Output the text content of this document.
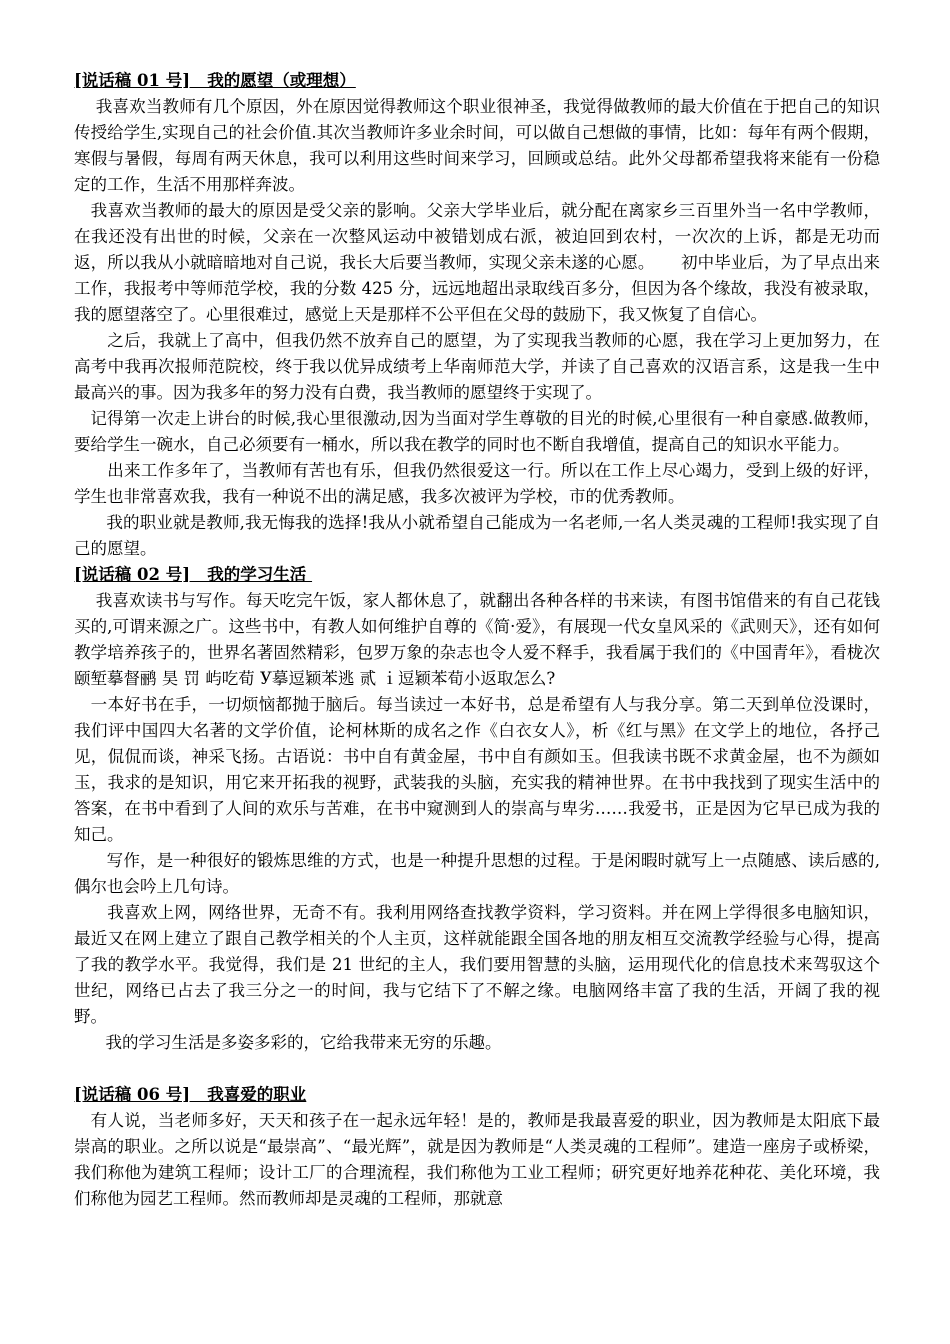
[说话稿 01 号]   我的愿望（或理想）

我喜欢当教师有几个原因，外在原因觉得教师这个职业很神圣，我觉得做教师的最大价值在于把自己的知识传授给学生,实现自己的社会价值.其次当教师许多业余时间，可以做自己想做的事情，比如：每年有两个假期，寒假与暑假，每周有两天休息，我可以利用这些时间来学习，回顾或总结。此外父母都希望我将来能有一份稳定的工作，生活不用那样奔波。

我喜欢当教师的最大的原因是受父亲的影响。父亲大学毕业后，就分配在离家乡三百里外当一名中学教师，在我还没有出世的时候，父亲在一次整风运动中被错划成右派，被迫回到农村，一次次的上诉，都是无功而返，所以我从小就暗暗地对自己说，我长大后要当教师，实现父亲未遂的心愿。     初中毕业后，为了早点出来工作，我报考中等师范学校，我的分数 425 分，远远地超出录取线百多分，但因为各个缘故，我没有被录取，我的愿望落空了。心里很难过，感觉上天是那样不公平但在父母的鼓励下，我又恢复了自信心。

之后，我就上了高中，但我仍然不放弃自己的愿望，为了实现我当教师的心愿，我在学习上更加努力，在高考中我再次报师范院校，终于我以优异成绩考上华南师范大学，并读了自己喜欢的汉语言系，这是我一生中最高兴的事。因为我多年的努力没有白费，我当教师的愿望终于实现了。

记得第一次走上讲台的时候,我心里很激动,因为当面对学生尊敬的目光的时候,心里很有一种自豪感.做教师，要给学生一碗水，自己必须要有一桶水，所以我在教学的同时也不断自我增值，提高自己的知识水平能力。

出来工作多年了，当教师有苦也有乐，但我仍然很爱这一行。所以在工作上尽心竭力，受到上级的好评，学生也非常喜欢我，我有一种说不出的满足感，我多次被评为学校，市的优秀教师。

我的职业就是教师,我无悔我的选择!我从小就希望自己能成为一名老师,一名人类灵魂的工程师!我实现了自己的愿望。

[说话稿 02 号]   我的学习生活

我喜欢读书与写作。每天吃完午饭，家人都休息了，就翻出各种各样的书来读，有图书馆借来的有自己花钱买的,可谓来源之广。这些书中，有教人如何维护自尊的《简·爱》，有展现一代女皇风采的《武则天》，还有如何教学培养孩子的，世界名著固然精彩，包罗万象的杂志也令人爱不释手，我看属于我们的《中国青年》，看栊次颐堑摹督鹂 昊 罚 屿吃荀 У摹逗颖苯逃 贰 ｉ逗颖苯荀小返取怎么?

一本好书在手，一切烦恼都抛于脑后。每当读过一本好书，总是希望有人与我分享。第二天到单位没课时，我们评中国四大名著的文学价值，论柯林斯的成名之作《白衣女人》，析《红与黑》在文学上的地位，各抒己见，侃侃而谈，神采飞扬。古语说：书中自有黄金屋，书中自有颜如玉。但我读书既不求黄金屋，也不为颜如玉，我求的是知识，用它来开拓我的视野，武装我的头脑，充实我的精神世界。在书中我找到了现实生活中的答案，在书中看到了人间的欢乐与苦难，在书中窥测到人的崇高与卑劣……我爱书，正是因为它早已成为我的知己。

写作，是一种很好的锻炼思维的方式，也是一种提升思想的过程。于是闲暇时就写上一点随感、读后感的,偶尔也会吟上几句诗。

我喜欢上网，网络世界，无奇不有。我利用网络查找教学资料，学习资料。并在网上学得很多电脑知识，最近又在网上建立了跟自己教学相关的个人主页，这样就能跟全国各地的朋友相互交流教学经验与心得，提高了我的教学水平。我觉得，我们是 21 世纪的主人，我们要用智慧的头脑，运用现代化的信息技术来驾驭这个世纪，网络已占去了我三分之一的时间，我与它结下了不解之缘。电脑网络丰富了我的生活，开阔了我的视野。

我的学习生活是多姿多彩的，它给我带来无穷的乐趣。

[说话稿 06 号]   我喜爱的职业

有人说，当老师多好，天天和孩子在一起永远年轻！是的，教师是我最喜爱的职业，因为教师是太阳底下最崇高的职业。之所以说是“最崇高”、“最光辉”，就是因为教师是“人类灵魂的工程师”。建造一座房子或桥梁，我们称他为建筑工程师；设计工厂的合理流程，我们称他为工业工程师；研究更好地养花种花、美化环境，我们称他为园艺工程师。然而教师却是灵魂的工程师，那就意
